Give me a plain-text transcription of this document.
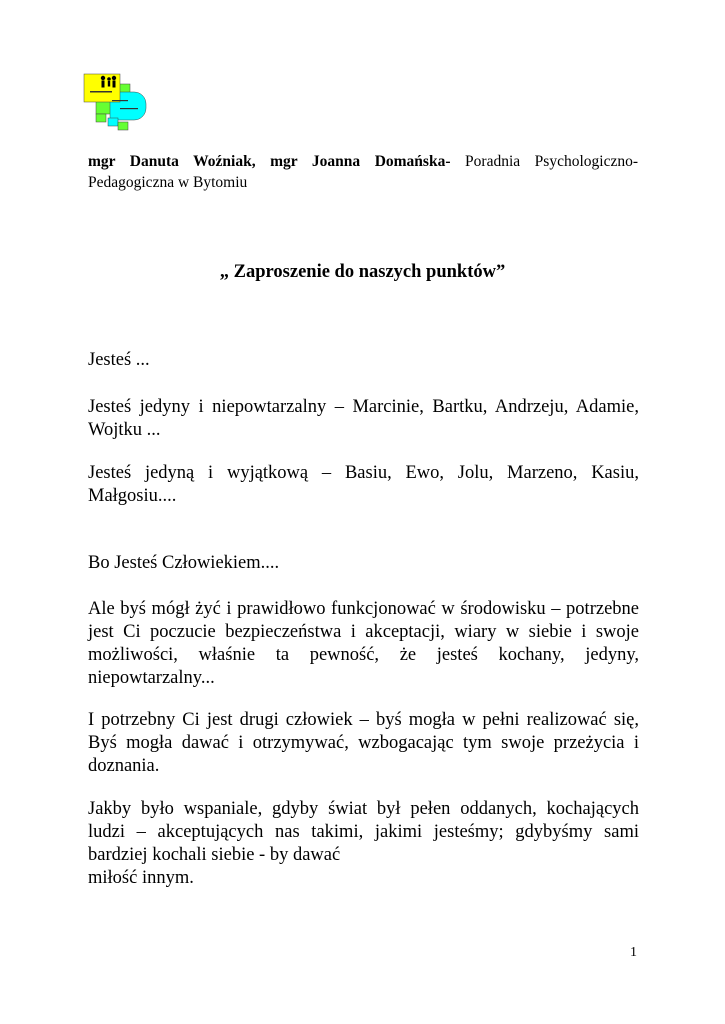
mgr Danuta Woźniak, mgr Joanna Domańska- Poradnia Psychologiczno-Pedagogiczna w Bytomiu
„ Zaproszenie do naszych punktów”

Jesteś ...

Jesteś jedyny i niepowtarzalny – Marcinie, Bartku, Andrzeju, Adamie, Wojtku ...

Jesteś jedyną i wyjątkową – Basiu, Ewo, Jolu, Marzeno, Kasiu, Małgosiu....

Bo Jesteś Człowiekiem....

Ale byś mógł żyć i prawidłowo funkcjonować w środowisku – potrzebne jest Ci poczucie bezpieczeństwa i akceptacji, wiary w siebie i swoje możliwości, właśnie ta pewność, że jesteś kochany, jedyny, niepowtarzalny...

I potrzebny Ci jest drugi człowiek – byś mogła w pełni realizować się, Byś mogła dawać i otrzymywać, wzbogacając tym swoje przeżycia i doznania.

Jakby było wspaniale, gdyby świat był pełen oddanych, kochających ludzi – akceptujących nas takimi, jakimi jesteśmy; gdybyśmy sami bardziej kochali siebie - by dawać

miłość innym.

1
